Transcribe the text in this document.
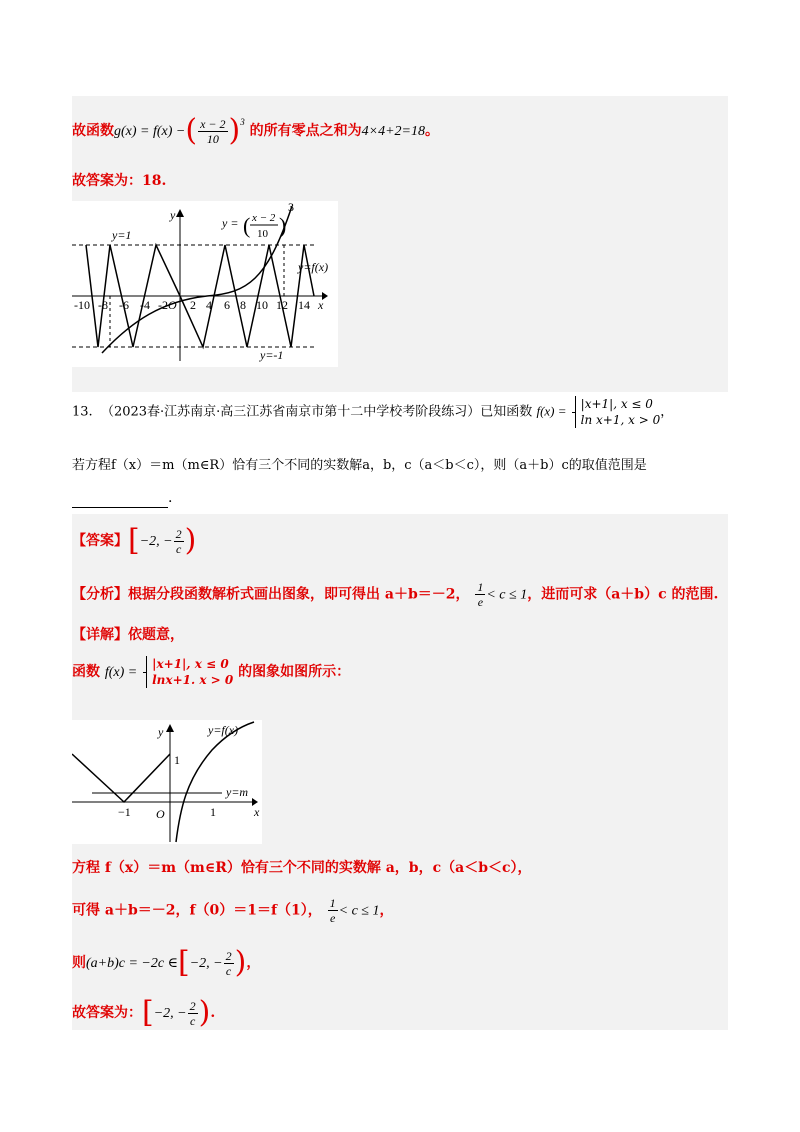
故函数g(x) = f(x) −( $\frac{x - 2}{10} )^3$ 的所有零点之和为4×4+2=18。
故答案为：18.
y
x
O
y=1
y=-1
-10 -8 -6 -4 -2 2 4 6 8 10 12 14
y = x − 2
10
( )
3
y=f(x)
13. （2023春·江苏南京·高三江苏省南京市第十二中学校考阶段练习）已知函数 f(x) = |x+1|, x ≤ 0
ln x+1, x > 0，
若方程f（x）＝m（m∈R）恰有三个不同的实数解a，b，c（a＜b＜c），则（a＋b）c的取值范围是
.
【答案】[−2, − $\frac{2}{c}$ )
【分析】根据分段函数解析式画出图象，即可得出 a＋b＝－2， $\frac{1}{e} < c \le 1$，进而可求（a＋b）c 的范围.
【详解】依题意，
函数 f(x) = |x+1|, x ≤ 0
lnx+1. x > 0 的图象如图所示：
y
x
O
y=m
y=f(x)
1
−1	1
方程 f（x）＝m（m∈R）恰有三个不同的实数解 a，b，c（a＜b＜c），
可得 a＋b＝－2，f（0）＝1＝f（1）， $\frac{1}{e} < c \le 1$，
则(a+b)c = −2c ∈[−2, − $\frac{2}{c}$ )，
故答案为：[−2, − $\frac{2}{c}$ ).
